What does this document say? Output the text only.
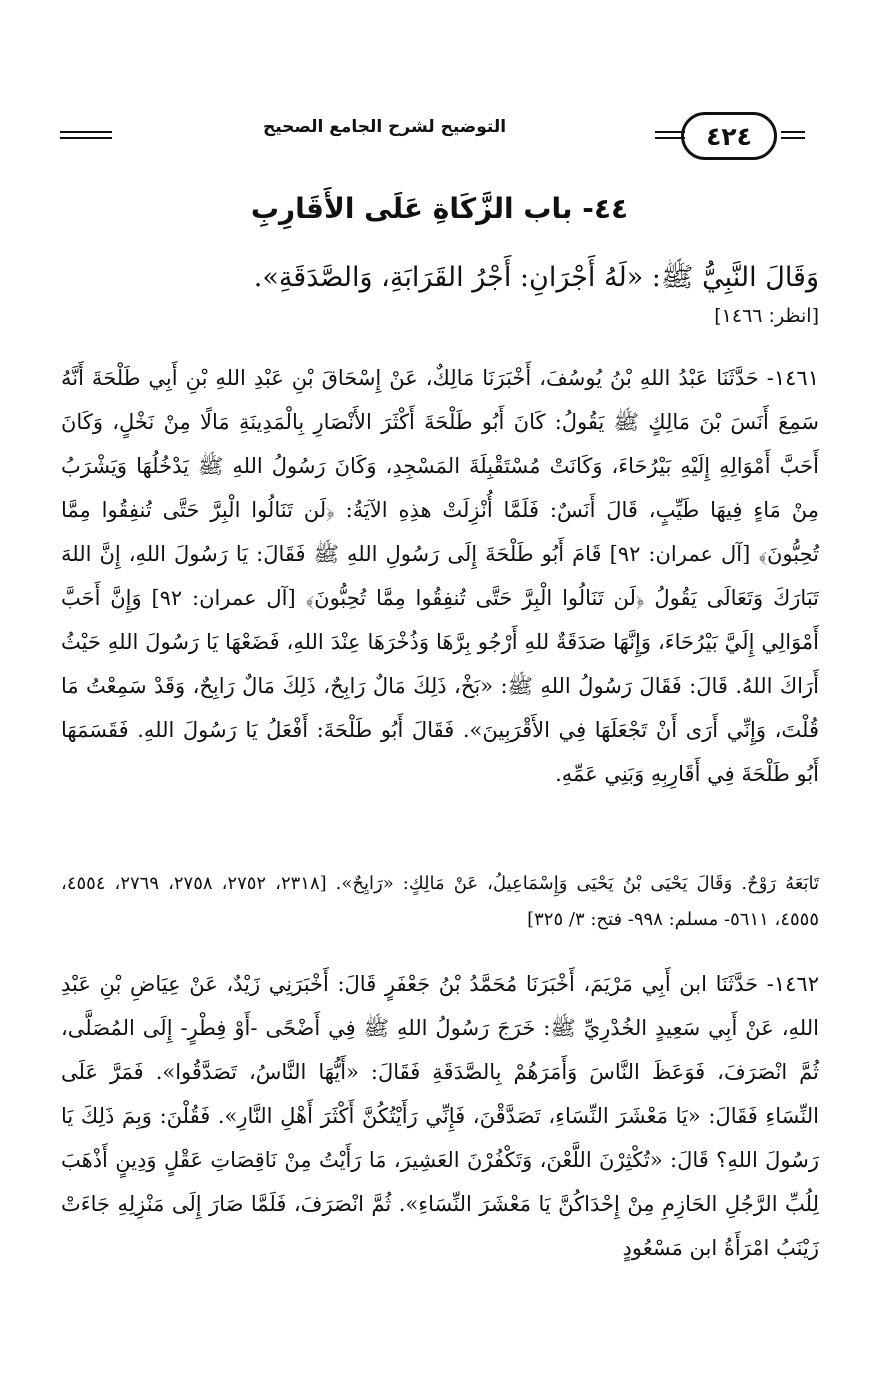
٤٢٤
التوضيح لشرح الجامع الصحيح
٤٤- باب الزَّكَاةِ عَلَى الأَقَارِبِ
وَقَالَ النَّبِيُّ ﷺ: «لَهُ أَجْرَانِ: أَجْرُ القَرَابَةِ، وَالصَّدَقَةِ».
[انظر: ١٤٦٦]

١٤٦١- حَدَّثَنَا عَبْدُ اللهِ بْنُ يُوسُفَ، أَخْبَرَنَا مَالِكٌ، عَنْ إِسْحَاقَ بْنِ عَبْدِ اللهِ بْنِ أَبِي طَلْحَةَ أَنَّهُ سَمِعَ أَنَسَ بْنَ مَالِكٍ ﷺ يَقُولُ: كَانَ أَبُو طَلْحَةَ أَكْثَرَ الأَنْصَارِ بِالْمَدِينَةِ مَالًا مِنْ نَخْلٍ، وَكَانَ أَحَبَّ أَمْوَالِهِ إِلَيْهِ بَيْرُحَاءَ، وَكَانَتْ مُسْتَقْبِلَةَ المَسْجِدِ، وَكَانَ رَسُولُ اللهِ ﷺ يَدْخُلُهَا وَيَشْرَبُ مِنْ مَاءٍ فِيهَا طَيِّبٍ، قَالَ أَنَسٌ: فَلَمَّا أُنْزِلَتْ هذِهِ الآيَةُ: ﴿لَن تَنَالُوا الْبِرَّ حَتَّى تُنفِقُوا مِمَّا تُحِبُّونَ﴾ [آل عمران: ٩٢] قَامَ أَبُو طَلْحَةَ إِلَى رَسُولِ اللهِ ﷺ فَقَالَ: يَا رَسُولَ اللهِ، إِنَّ اللهَ تَبَارَكَ وَتَعَالَى يَقُولُ ﴿لَن تَنَالُوا الْبِرَّ حَتَّى تُنفِقُوا مِمَّا تُحِبُّونَ﴾ [آل عمران: ٩٢] وَإِنَّ أَحَبَّ أَمْوَالِي إِلَيَّ بَيْرُحَاءَ، وَإِنَّهَا صَدَقَةٌ للهِ أَرْجُو بِرَّهَا وَذُخْرَهَا عِنْدَ اللهِ، فَضَعْهَا يَا رَسُولَ اللهِ حَيْثُ أَرَاكَ اللهُ. قَالَ: فَقَالَ رَسُولُ اللهِ ﷺ: «بَخْ، ذَلِكَ مَالٌ رَابِحٌ، ذَلِكَ مَالٌ رَابِحٌ، وَقَدْ سَمِعْتُ مَا قُلْتَ، وَإِنِّي أَرَى أَنْ تَجْعَلَهَا فِي الأَقْرَبِينَ». فَقَالَ أَبُو طَلْحَةَ: أَفْعَلُ يَا رَسُولَ اللهِ. فَقَسَمَهَا أَبُو طَلْحَةَ فِي أَقَارِبِهِ وَبَنِي عَمِّهِ.

تَابَعَهُ رَوْحٌ. وَقَالَ يَحْيَى بْنُ يَحْيَى وَإِسْمَاعِيلُ، عَنْ مَالِكٍ: «رَايِحٌ». [٢٣١٨، ٢٧٥٢، ٢٧٥٨، ٢٧٦٩، ٤٥٥٤، ٤٥٥٥، ٥٦١١- مسلم: ٩٩٨- فتح: ٣/ ٣٢٥]

١٤٦٢- حَدَّثَنَا ابن أَبِي مَرْيَمَ، أَخْبَرَنَا مُحَمَّدُ بْنُ جَعْفَرٍ قَالَ: أَخْبَرَنِي زَيْدٌ، عَنْ عِيَاضِ بْنِ عَبْدِ اللهِ، عَنْ أَبِي سَعِيدٍ الخُدْرِيِّ ﷺ: خَرَجَ رَسُولُ اللهِ ﷺ فِي أَضْحًى -أَوْ فِطْرٍ- إِلَى المُصَلَّى، ثُمَّ انْصَرَفَ، فَوَعَظَ النَّاسَ وَأَمَرَهُمْ بِالصَّدَقَةِ فَقَالَ: «أَيُّهَا النَّاسُ، تَصَدَّقُوا». فَمَرَّ عَلَى النِّسَاءِ فَقَالَ: «يَا مَعْشَرَ النِّسَاءِ، تَصَدَّقْنَ، فَإِنِّي رَأَيْتُكُنَّ أَكْثَرَ أَهْلِ النَّارِ». فَقُلْنَ: وَبِمَ ذَلِكَ يَا رَسُولَ اللهِ؟ قَالَ: «تُكْثِرْنَ اللَّعْنَ، وَتَكْفُرْنَ العَشِيرَ، مَا رَأَيْتُ مِنْ نَاقِصَاتِ عَقْلٍ وَدِينٍ أَذْهَبَ لِلُبِّ الرَّجُلِ الحَازِمِ مِنْ إِحْدَاكُنَّ يَا مَعْشَرَ النِّسَاءِ». ثُمَّ انْصَرَفَ، فَلَمَّا صَارَ إِلَى مَنْزِلِهِ جَاءَتْ زَيْنَبُ امْرَأَةُ ابن مَسْعُودٍ
